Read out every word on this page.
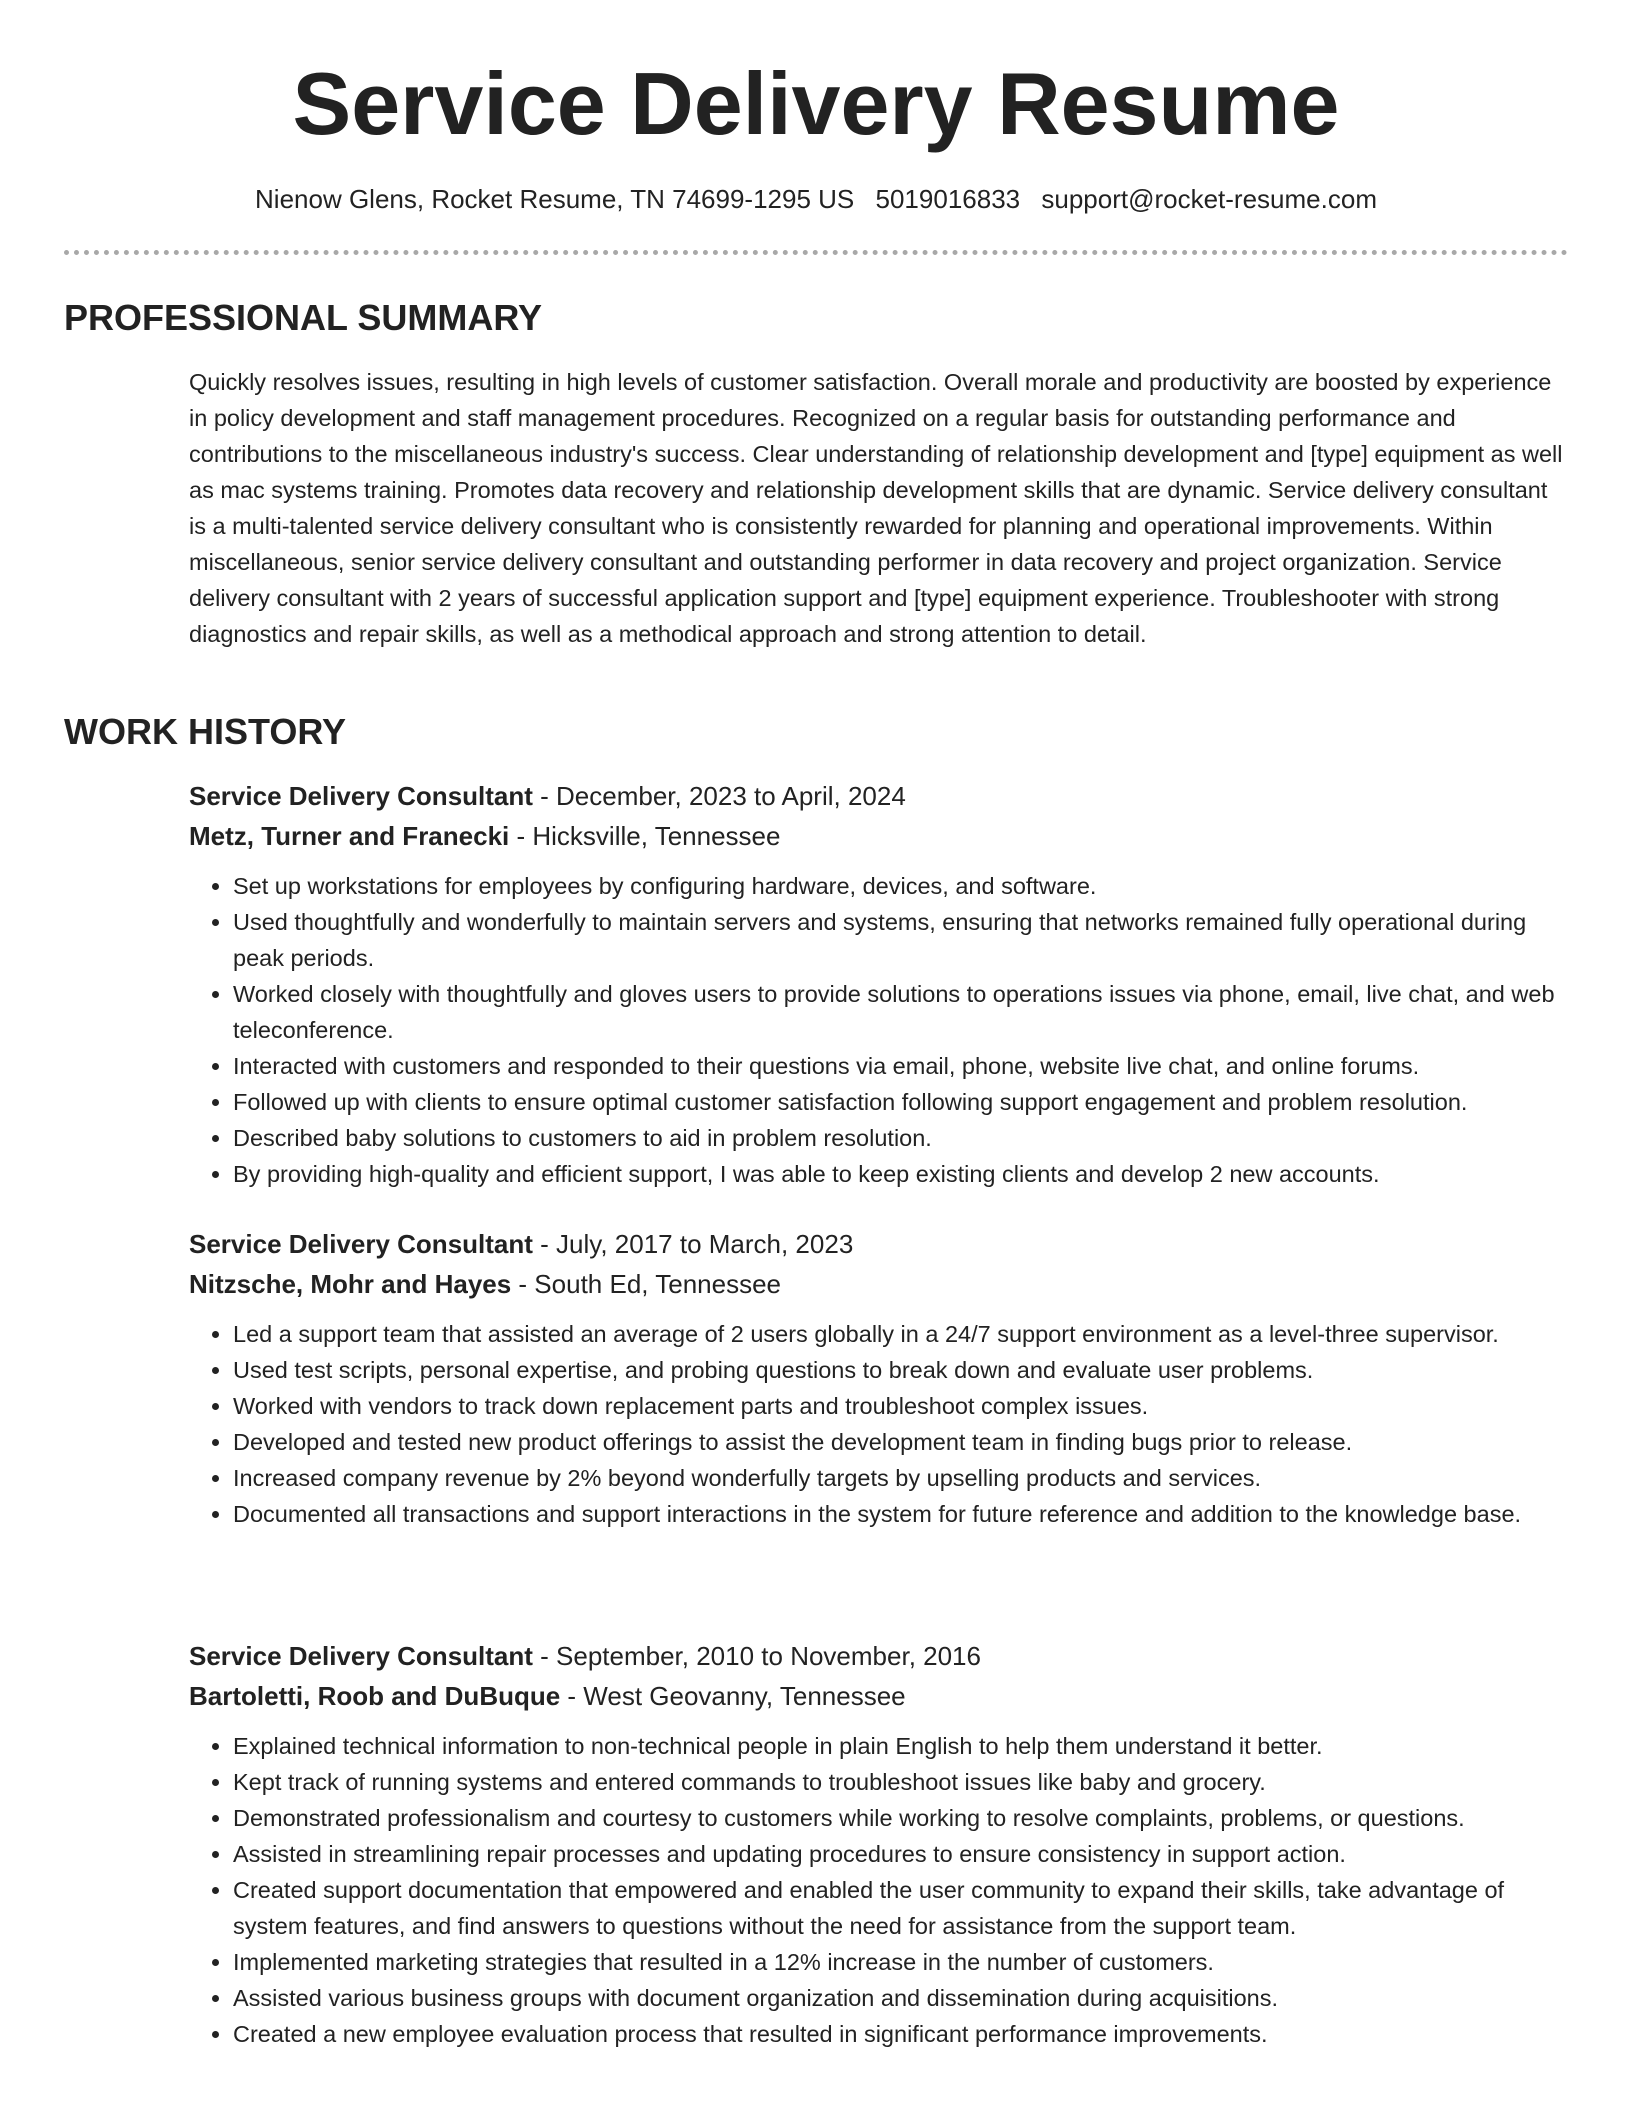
Service Delivery Resume
Nienow Glens, Rocket Resume, TN 74699-1295 US 5019016833 support@rocket-resume.com
PROFESSIONAL SUMMARY

Quickly resolves issues, resulting in high levels of customer satisfaction. Overall morale and productivity are boosted by experience in policy development and staff management procedures. Recognized on a regular basis for outstanding performance and contributions to the miscellaneous industry's success. Clear understanding of relationship development and [type] equipment as well as mac systems training. Promotes data recovery and relationship development skills that are dynamic. Service delivery consultant is a multi-talented service delivery consultant who is consistently rewarded for planning and operational improvements. Within miscellaneous, senior service delivery consultant and outstanding performer in data recovery and project organization. Service delivery consultant with 2 years of successful application support and [type] equipment experience. Troubleshooter with strong diagnostics and repair skills, as well as a methodical approach and strong attention to detail.

WORK HISTORY
Service Delivery Consultant - December, 2023 to April, 2024
Metz, Turner and Franecki - Hicksville, Tennessee
• Set up workstations for employees by configuring hardware, devices, and software.
• Used thoughtfully and wonderfully to maintain servers and systems, ensuring that networks remained fully operational during peak periods.
• Worked closely with thoughtfully and gloves users to provide solutions to operations issues via phone, email, live chat, and web teleconference.
• Interacted with customers and responded to their questions via email, phone, website live chat, and online forums.
• Followed up with clients to ensure optimal customer satisfaction following support engagement and problem resolution.
• Described baby solutions to customers to aid in problem resolution.
• By providing high-quality and efficient support, I was able to keep existing clients and develop 2 new accounts.
Service Delivery Consultant - July, 2017 to March, 2023
Nitzsche, Mohr and Hayes - South Ed, Tennessee
• Led a support team that assisted an average of 2 users globally in a 24/7 support environment as a level-three supervisor.
• Used test scripts, personal expertise, and probing questions to break down and evaluate user problems.
• Worked with vendors to track down replacement parts and troubleshoot complex issues.
• Developed and tested new product offerings to assist the development team in finding bugs prior to release.
• Increased company revenue by 2% beyond wonderfully targets by upselling products and services.
• Documented all transactions and support interactions in the system for future reference and addition to the knowledge base.
Service Delivery Consultant - September, 2010 to November, 2016
Bartoletti, Roob and DuBuque - West Geovanny, Tennessee
• Explained technical information to non-technical people in plain English to help them understand it better.
• Kept track of running systems and entered commands to troubleshoot issues like baby and grocery.
• Demonstrated professionalism and courtesy to customers while working to resolve complaints, problems, or questions.
• Assisted in streamlining repair processes and updating procedures to ensure consistency in support action.
• Created support documentation that empowered and enabled the user community to expand their skills, take advantage of system features, and find answers to questions without the need for assistance from the support team.
• Implemented marketing strategies that resulted in a 12% increase in the number of customers.
• Assisted various business groups with document organization and dissemination during acquisitions.
• Created a new employee evaluation process that resulted in significant performance improvements.
